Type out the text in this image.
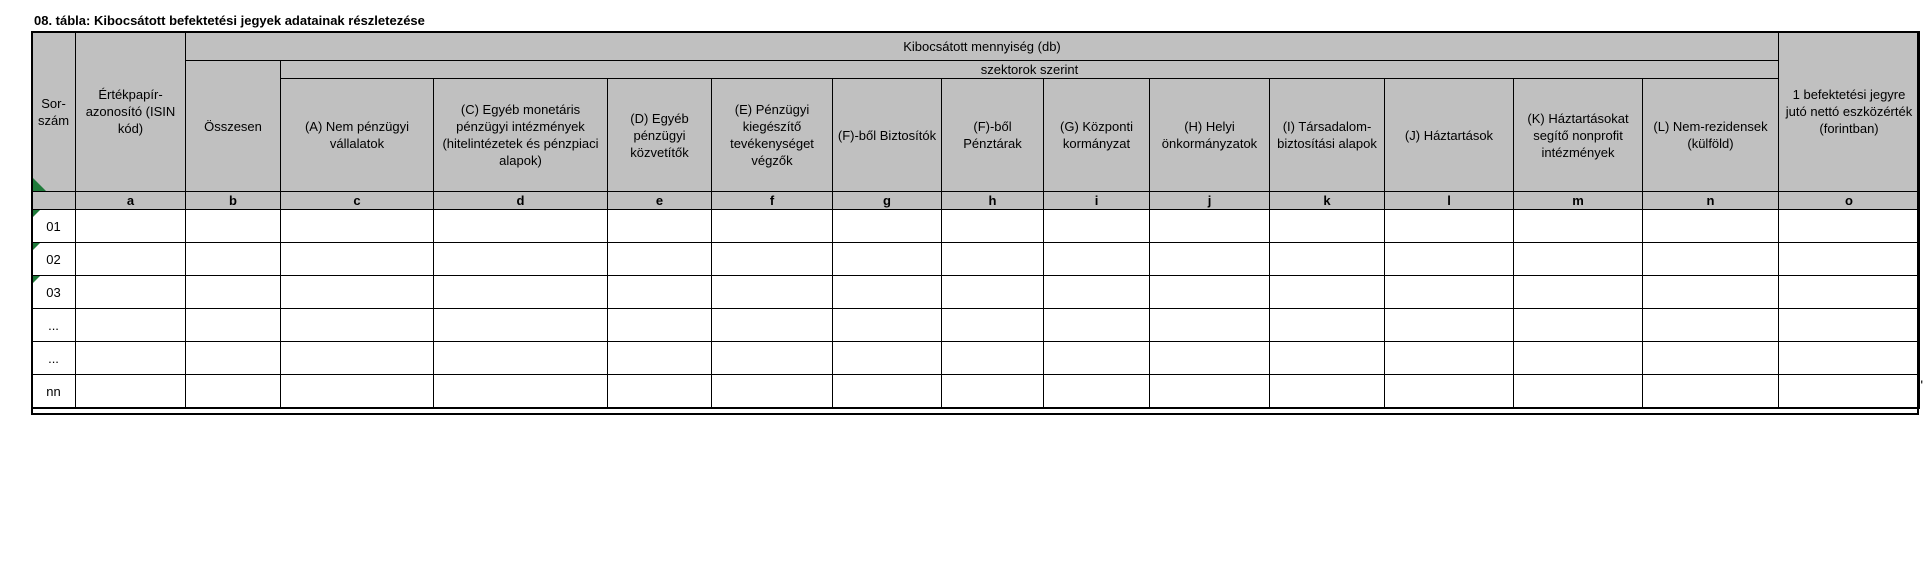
08. tábla: Kibocsátott befektetési jegyek adatainak részletezése
Sor-szám	Értékpapír-azonosító (ISIN kód)	Kibocsátott mennyiség (db)													1 befektetési jegyre jutó nettó eszközérték (forintban)
		Összesen	szektorok szerint												
			(A) Nem pénzügyi vállalatok	(C) Egyéb monetáris pénzügyi intézmények (hitelintézetek és pénzpiaci alapok)	(D) Egyéb pénzügyi közvetítők	(E) Pénzügyi kiegészítő tevékenységet végzők	(F)-ből Biztosítók	(F)-ből Pénztárak	(G) Központi kormányzat	(H) Helyi önkormányzatok	(I) Társadalom-biztosítási alapok	(J) Háztartások	(K) Háztartásokat segítő nonprofit intézmények	(L) Nem-rezidensek (külföld)	
	a	b	c	d	e	f	g	h	i	j	k	l	m	n	o
01

02

03

...															
...															
nn																"
